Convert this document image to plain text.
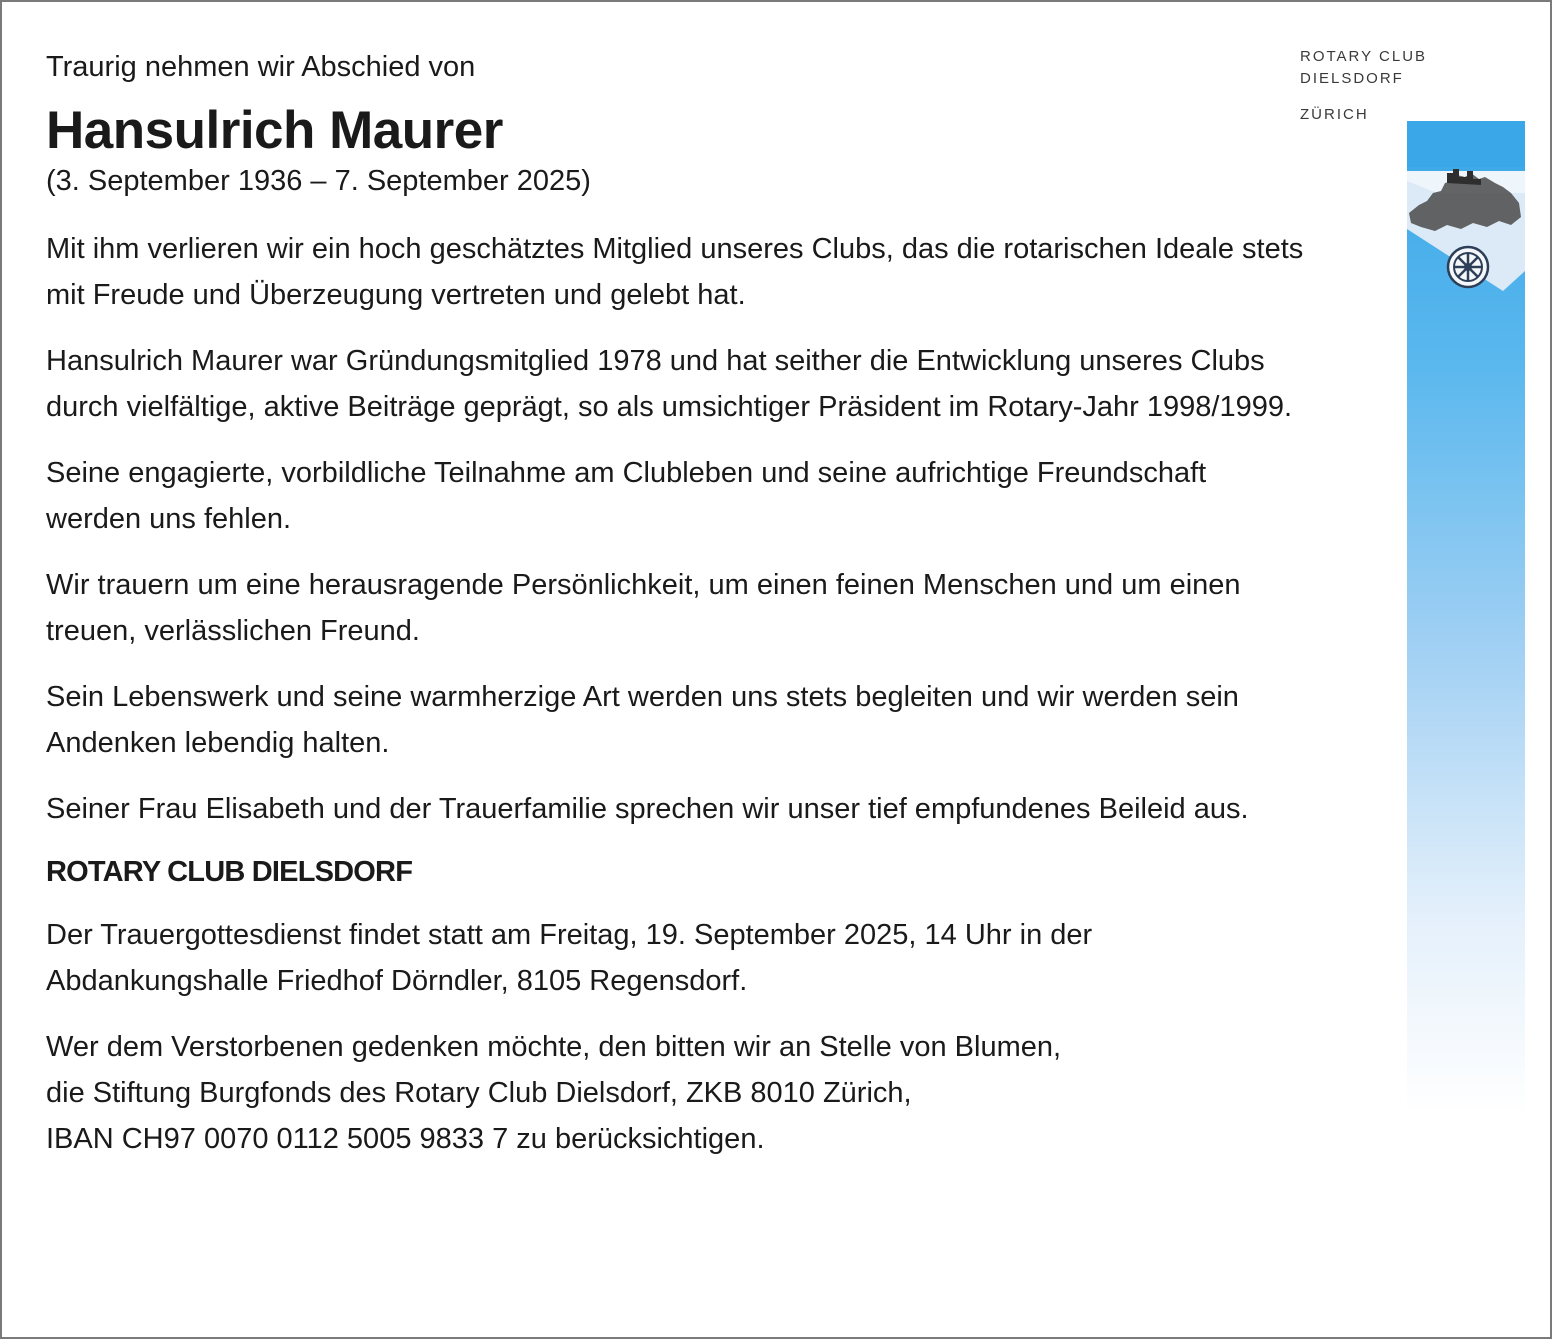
Traurig nehmen wir Abschied von

Hansulrich Maurer

(3. September 1936 – 7. September 2025)

Mit ihm verlieren wir ein hoch geschätztes Mitglied unseres Clubs, das die rotarischen Ideale stets mit Freude und Überzeugung vertreten und gelebt hat.

Hansulrich Maurer war Gründungsmitglied 1978 und hat seither die Entwicklung unseres Clubs durch vielfältige, aktive Beiträge geprägt, so als umsichtiger Präsident im Rotary-Jahr 1998/1999.

Seine engagierte, vorbildliche Teilnahme am Clubleben und seine aufrichtige Freundschaft werden uns fehlen.

Wir trauern um eine herausragende Persönlichkeit, um einen feinen Menschen und um einen treuen, verlässlichen Freund.

Sein Lebenswerk und seine warmherzige Art werden uns stets begleiten und wir werden sein Andenken lebendig halten.

Seiner Frau Elisabeth und der Trauerfamilie sprechen wir unser tief empfundenes Beileid aus.

ROTARY CLUB DIELSDORF

Der Trauergottesdienst findet statt am Freitag, 19. September 2025, 14 Uhr in der Abdankungshalle Friedhof Dörndler, 8105 Regensdorf.

Wer dem Verstorbenen gedenken möchte, den bitten wir an Stelle von Blumen,
die Stiftung Burgfonds des Rotary Club Dielsdorf, ZKB 8010 Zürich,
IBAN CH97 0070 0112 5005 9833 7 zu berücksichtigen.

ROTARY CLUB
DIELSDORF
ZÜRICH
